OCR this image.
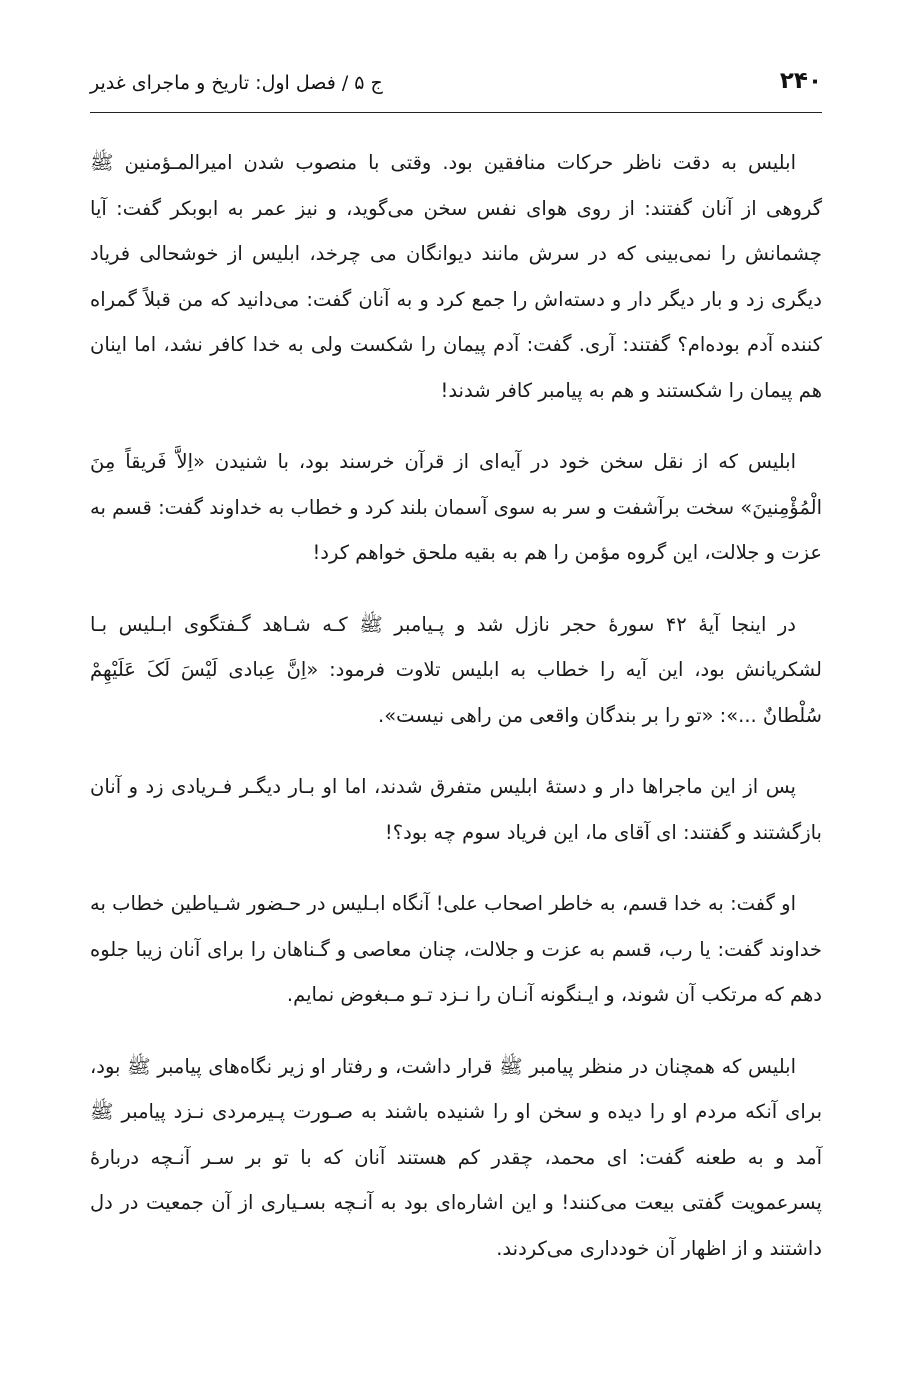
۲۴۰
ج ۵ / فصل اول: تاریخ و ماجرای غدیر

ابلیس به دقت ناظر حرکات منافقین بود. وقتی با منصوب شدن امیرالمـؤمنین ﷺ گروهی از آنان گفتند: از روی هوای نفس سخن می‌گوید، و نیز عمر به ابوبکر گفت: آیا چشمانش را نمی‌بینی که در سرش مانند دیوانگان می چرخد، ابلیس از خوشحالی فریاد دیگری زد و بار دیگر دار و دسته‌اش را جمع کرد و به آنان گفت: می‌دانید که من قبلاً گمراه کننده آدم بوده‌ام؟ گفتند: آری. گفت: آدم پیمان را شکست ولی به خدا کافر نشد، اما اینان هم پیمان را شکستند و هم به پیامبر کافر شدند!

ابلیس که از نقل سخن خود در آیه‌ای از قرآن خرسند بود، با شنیدن «اِلاَّ فَریقاً مِنَ الْمُؤْمِنینَ» سخت برآشفت و سر به سوی آسمان بلند کرد و خطاب به خداوند گفت: قسم به عزت و جلالت، این گروه مؤمن را هم به بقیه ملحق خواهم کرد!

در اینجا آیهٔ ۴۲ سورهٔ حجر نازل شد و پـیامبر ﷺ کـه شـاهد گـفتگوی ابـلیس بـا لشکریانش بود، این آیه را خطاب به ابلیس تلاوت فرمود: «اِنَّ عِبادی لَیْسَ لَکَ عَلَیْهِمْ سُلْطانٌ ...»: «تو را بر بندگان واقعی من راهی نیست».

پس از این ماجراها دار و دستهٔ ابلیس متفرق شدند، اما او بـار دیگـر فـریادی زد و آنان بازگشتند و گفتند: ای آقای ما، این فریاد سوم چه بود؟!

او گفت: به خدا قسم، به خاطر اصحاب علی! آنگاه ابـلیس در حـضور شـیاطین خطاب به خداوند گفت: یا رب، قسم به عزت و جلالت، چنان معاصی و گـناهان را برای آنان زیبا جلوه دهم که مرتکب آن شوند، و ایـنگونه آنـان را نـزد تـو مـبغوض نمایم.

ابلیس که همچنان در منظر پیامبر ﷺ قرار داشت، و رفتار او زیر نگاه‌های پیامبر ﷺ بود، برای آنکه مردم او را دیده و سخن او را شنیده باشند به صـورت پـیرمردی نـزد پیامبر ﷺ آمد و به طعنه گفت: ای محمد، چقدر کم هستند آنان که با تو بر سـر آنـچه دربارهٔ پسرعمویت گفتی بیعت می‌کنند! و این اشاره‌ای بود به آنـچه بسـیاری از آن جمعیت در دل داشتند و از اظهار آن خودداری می‌کردند.
